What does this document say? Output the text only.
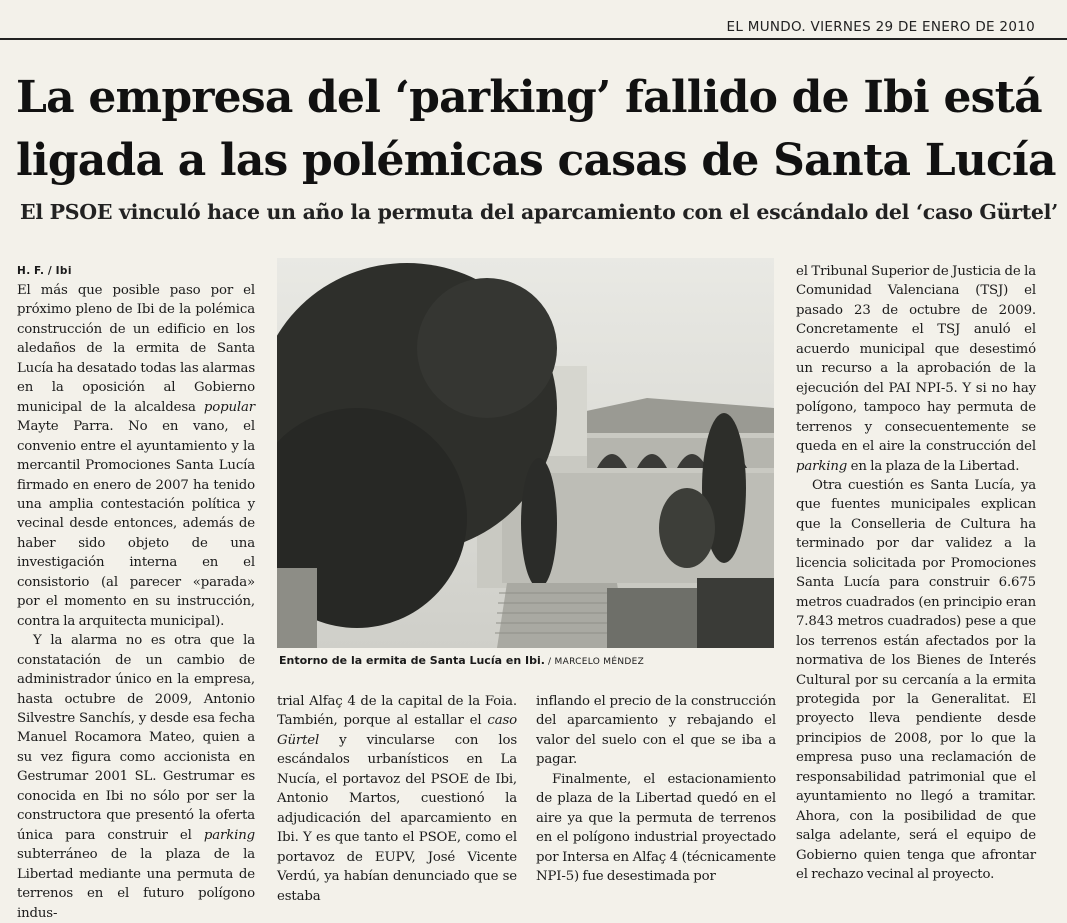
EL MUNDO. VIERNES 29 DE ENERO DE 2010
La empresa del ‘parking’ fallido de Ibi está
ligada a las polémicas casas de Santa Lucía
El PSOE vinculó hace un año la permuta del aparcamiento con el escándalo del ‘caso Gürtel’
H. F. / Ibi

El más que posible paso por el próximo pleno de Ibi de la polémica construcción de un edificio en los aledaños de la ermita de Santa Lucía ha desatado todas las alarmas en la oposición al Gobierno municipal de la alcaldesa popular Mayte Parra. No en vano, el convenio entre el ayuntamiento y la mercantil Promociones Santa Lucía firmado en enero de 2007 ha tenido una amplia contestación política y vecinal desde entonces, además de haber sido objeto de una investigación interna en el consistorio (al parecer «parada» por el momento en su instrucción, contra la arquitecta municipal).

Y la alarma no es otra que la constatación de un cambio de administrador único en la empresa, hasta octubre de 2009, Antonio Silvestre Sanchís, y desde esa fecha Manuel Rocamora Mateo, quien a su vez figura como accionista en Gestrumar 2001 SL. Gestrumar es conocida en Ibi no sólo por ser la constructora que presentó la oferta única para construir el parking subterráneo de la plaza de la Libertad mediante una permuta de terrenos en el futuro polígono indus-

Entorno de la ermita de Santa Lucía en Ibi. / MARCELO MÉNDEZ

trial Alfaç 4 de la capital de la Foia. También, porque al estallar el caso Gürtel y vincularse con los escándalos urbanísticos en La Nucía, el portavoz del PSOE de Ibi, Antonio Martos, cuestionó la adjudicación del aparcamiento en Ibi. Y es que tanto el PSOE, como el portavoz de EUPV, José Vicente Verdú, ya habían denunciado que se estaba

inflando el precio de la construcción del aparcamiento y rebajando el valor del suelo con el que se iba a pagar.

Finalmente, el estacionamiento de plaza de la Libertad quedó en el aire ya que la permuta de terrenos en el polígono industrial proyectado por Intersa en Alfaç 4 (técnicamente NPI-5) fue desestimada por

el Tribunal Superior de Justicia de la Comunidad Valenciana (TSJ) el pasado 23 de octubre de 2009. Concretamente el TSJ anuló el acuerdo municipal que desestimó un recurso a la aprobación de la ejecución del PAI NPI-5. Y si no hay polígono, tampoco hay permuta de terrenos y consecuentemente se queda en el aire la construcción del parking en la plaza de la Libertad.

Otra cuestión es Santa Lucía, ya que fuentes municipales explican que la Conselleria de Cultura ha terminado por dar validez a la licencia solicitada por Promociones Santa Lucía para construir 6.675 metros cuadrados (en principio eran 7.843 metros cuadrados) pese a que los terrenos están afectados por la normativa de los Bienes de Interés Cultural por su cercanía a la ermita protegida por la Generalitat. El proyecto lleva pendiente desde principios de 2008, por lo que la empresa puso una reclamación de responsabilidad patrimonial que el ayuntamiento no llegó a tramitar. Ahora, con la posibilidad de que salga adelante, será el equipo de Gobierno quien tenga que afrontar el rechazo vecinal al proyecto.
